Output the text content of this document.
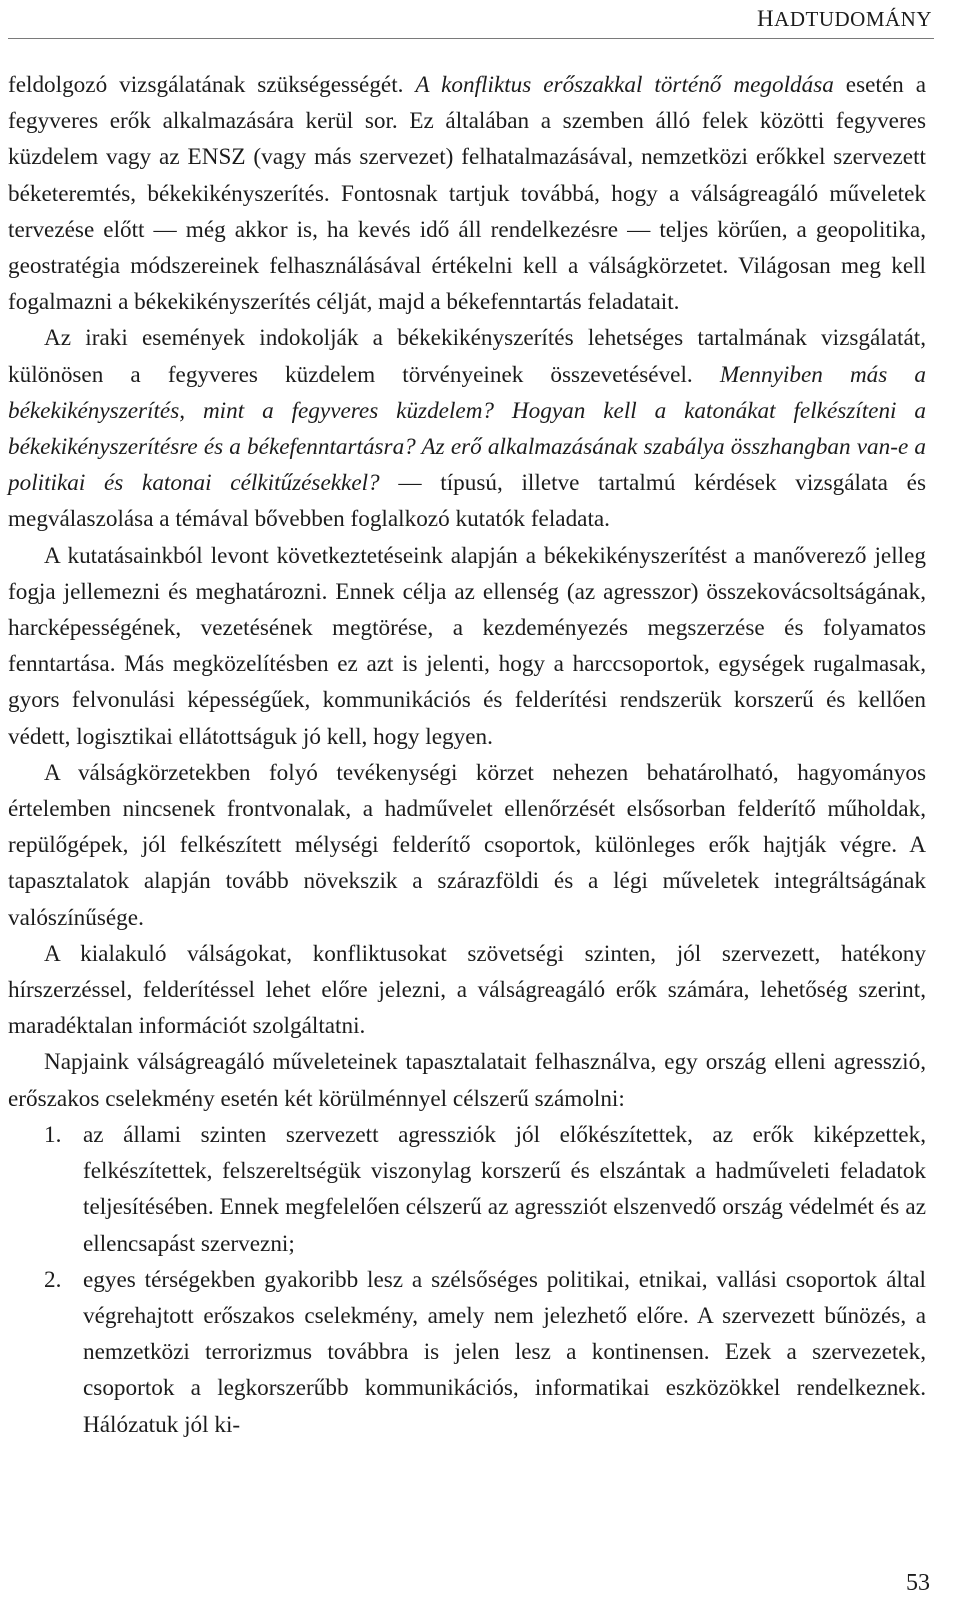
HADTUDOMÁNY

feldolgozó vizsgálatának szükségességét. A konfliktus erőszakkal történő megoldása esetén a fegyveres erők alkalmazására kerül sor. Ez általában a szemben álló felek közötti fegyveres küzdelem vagy az ENSZ (vagy más szervezet) felhatalmazásával, nemzetközi erőkkel szervezett béketeremtés, békekikényszerítés. Fontosnak tartjuk továbbá, hogy a válságreagáló műveletek tervezése előtt — még akkor is, ha kevés idő áll rendelkezésre — teljes körűen, a geopolitika, geostratégia módszereinek felhasználásával értékelni kell a válságkörzetet. Világosan meg kell fogalmazni a békekikényszerítés célját, majd a békefenntartás feladatait.

Az iraki események indokolják a békekikényszerítés lehetséges tartalmának vizsgálatát, különösen a fegyveres küzdelem törvényeinek összevetésével. Mennyiben más a békekikényszerítés, mint a fegyveres küzdelem? Hogyan kell a katonákat felkészíteni a békekikényszerítésre és a békefenntartásra? Az erő alkalmazásának szabálya összhangban van-e a politikai és katonai célkitűzésekkel? — típusú, illetve tartalmú kérdések vizsgálata és megválaszolása a témával bővebben foglalkozó kutatók feladata.

A kutatásainkból levont következtetéseink alapján a békekikényszerítést a manőverező jelleg fogja jellemezni és meghatározni. Ennek célja az ellenség (az agresszor) összekovácsoltságának, harcképességének, vezetésének megtörése, a kezdeményezés megszerzése és folyamatos fenntartása. Más megközelítésben ez azt is jelenti, hogy a harccsoportok, egységek rugalmasak, gyors felvonulási képességűek, kommunikációs és felderítési rendszerük korszerű és kellően védett, logisztikai ellátottságuk jó kell, hogy legyen.

A válságkörzetekben folyó tevékenységi körzet nehezen behatárolható, hagyományos értelemben nincsenek frontvonalak, a hadművelet ellenőrzését elsősorban felderítő műholdak, repülőgépek, jól felkészített mélységi felderítő csoportok, különleges erők hajtják végre. A tapasztalatok alapján tovább növekszik a szárazföldi és a légi műveletek integráltságának valószínűsége.

A kialakuló válságokat, konfliktusokat szövetségi szinten, jól szervezett, hatékony hírszerzéssel, felderítéssel lehet előre jelezni, a válságreagáló erők számára, lehetőség szerint, maradéktalan információt szolgáltatni.

Napjaink válságreagáló műveleteinek tapasztalatait felhasználva, egy ország elleni agresszió, erőszakos cselekmény esetén két körülménnyel célszerű számolni:

1. az állami szinten szervezett agressziók jól előkészítettek, az erők kiképzettek, felkészítettek, felszereltségük viszonylag korszerű és elszántak a hadműveleti feladatok teljesítésében. Ennek megfelelően célszerű az agressziót elszenvedő ország védelmét és az ellencsapást szervezni;
2. egyes térségekben gyakoribb lesz a szélsőséges politikai, etnikai, vallási csoportok által végrehajtott erőszakos cselekmény, amely nem jelezhető előre. A szervezett bűnözés, a nemzetközi terrorizmus továbbra is jelen lesz a kontinensen. Ezek a szervezetek, csoportok a legkorszerűbb kommunikációs, informatikai eszközökkel rendelkeznek. Hálózatuk jól ki-
53
